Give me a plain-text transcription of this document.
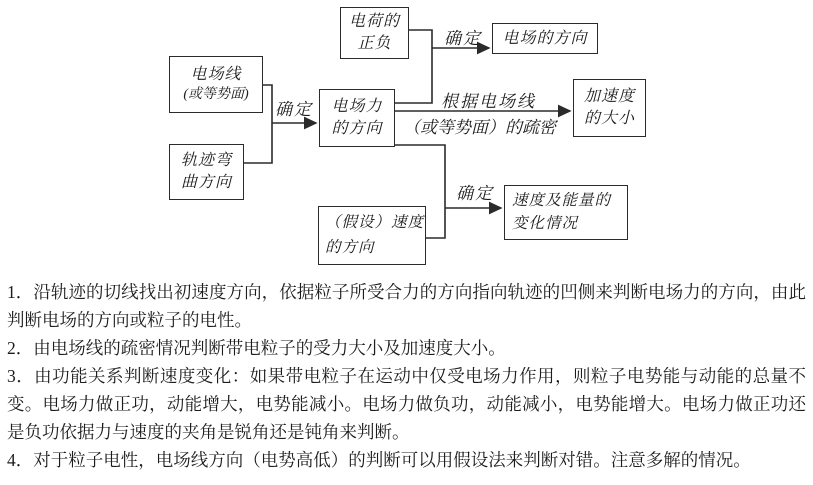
电荷的
正负
电场线
(或等势面)
轨迹弯
曲方向
电场力
的方向
电场的方向
加速度
的大小
（假设）速度
的方向
速度及能量的
变化情况
确定
确定
确定
根据电场线
（或等势面）的疏密

1．沿轨迹的切线找出初速度方向，依据粒子所受合力的方向指向轨迹的凹侧来判断电场力的方向，由此判断电场的方向或粒子的电性。

2．由电场线的疏密情况判断带电粒子的受力大小及加速度大小。

3．由功能关系判断速度变化：如果带电粒子在运动中仅受电场力作用，则粒子电势能与动能的总量不变。电场力做正功，动能增大，电势能减小。电场力做负功，动能减小，电势能增大。电场力做正功还是负功依据力与速度的夹角是锐角还是钝角来判断。

4．对于粒子电性，电场线方向（电势高低）的判断可以用假设法来判断对错。注意多解的情况。
